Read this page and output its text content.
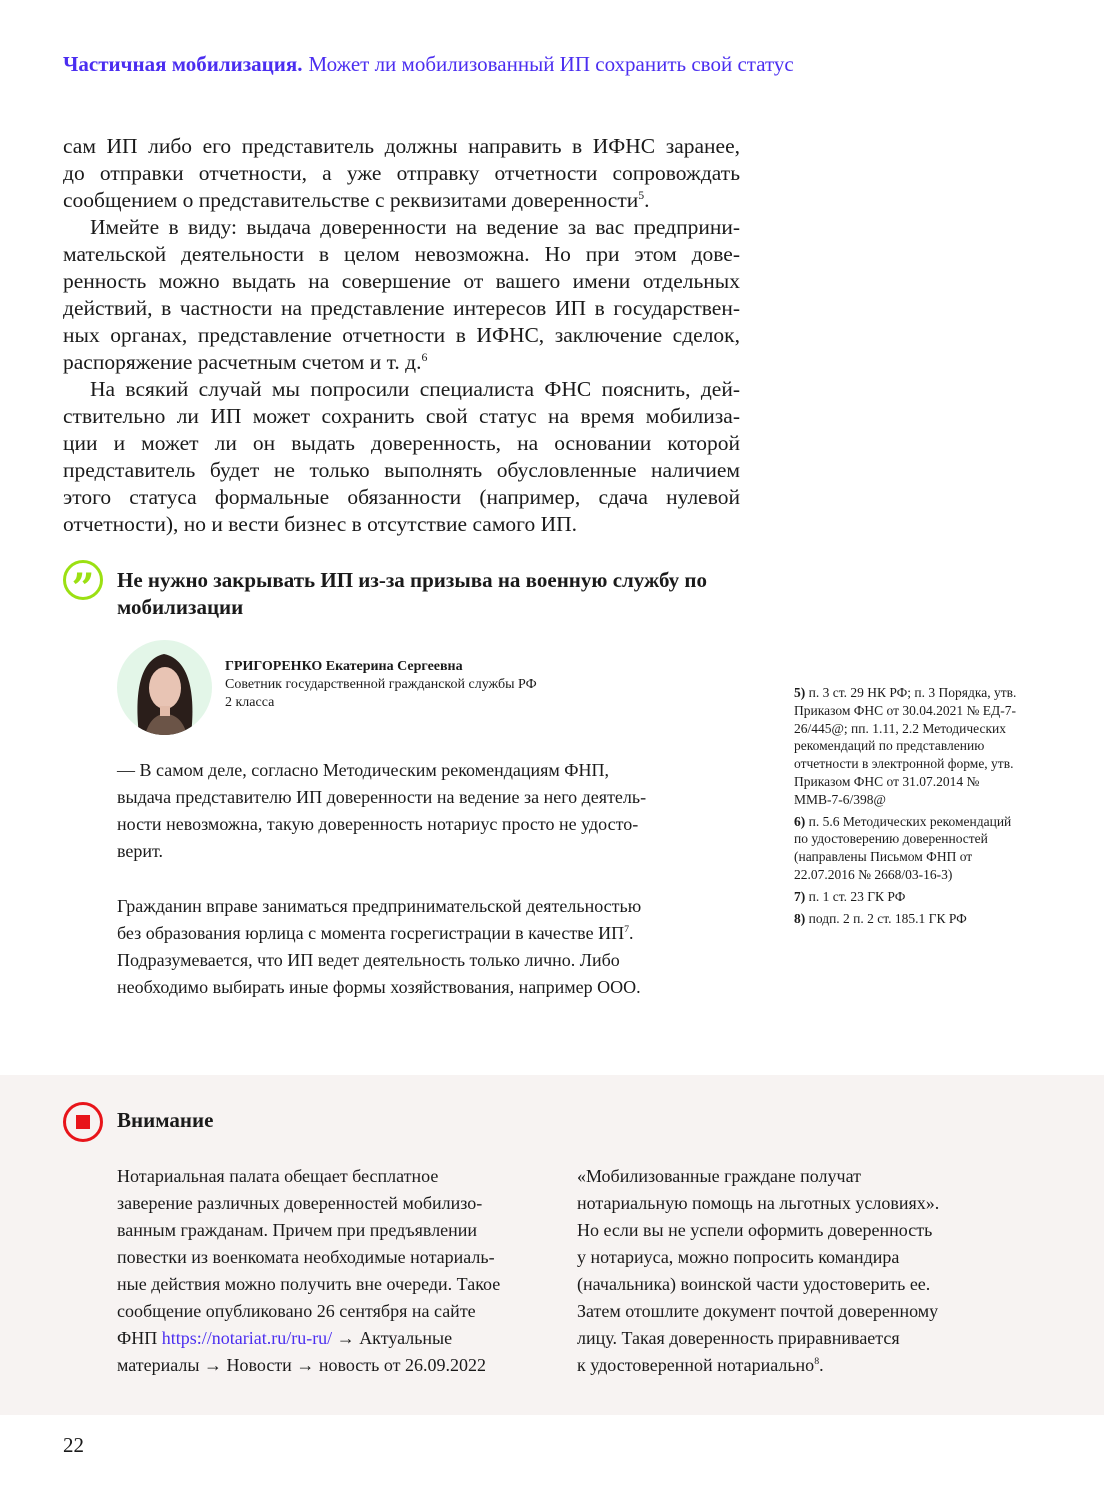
Частичная мобилизация. Может ли мобилизованный ИП сохранить свой статус
сам ИП либо его представитель должны направить в ИФНС заранее,
до отправки отчетности, а уже отправку отчетности сопровождать
сообщением о представительстве с реквизитами доверенности$^5$.
Имейте в виду: выдача доверенности на ведение за вас предприни-
мательской деятельности в целом невозможна. Но при этом дове-
ренность можно выдать на совершение от вашего имени отдельных
действий, в частности на представление интересов ИП в государствен-
ных органах, представление отчетности в ИФНС, заключение сделок,
распоряжение расчетным счетом и т. д.$^6$
На всякий случай мы попросили специалиста ФНС пояснить, дей-
ствительно ли ИП может сохранить свой статус на время мобилиза-
ции и может ли он выдать доверенность, на основании которой
представитель будет не только выполнять обусловленные наличием
этого статуса формальные обязанности (например, сдача нулевой
отчетности), но и вести бизнес в отсутствие самого ИП.
”	Не нужно закрывать ИП из-за призыва на военную службу по мобилизации
ГРИГОРЕНКО Екатерина Сергеевна
Советник государственной гражданской службы РФ
2 класса
— В самом деле, согласно Методическим рекомендациям ФНП,
выдача представителю ИП доверенности на ведение за него деятель-
ности невозможна, такую доверенность нотариус просто не удосто-
верит.
Гражданин вправе заниматься предпринимательской деятельностью
без образования юрлица с момента госрегистрации в качестве $ИП^7$.
Подразумевается, что ИП ведет деятельность только лично. Либо
необходимо выбирать иные формы хозяйствования, например ООО.
5) п. 3 ст. 29 НК РФ; п. 3 Порядка, утв. Приказом ФНС от 30.04.2021 № ЕД-7-26/445@; пп. 1.11, 2.2 Методических рекомендаций по представлению отчетности в электронной форме, утв. Приказом ФНС от 31.07.2014 № ММВ-7-6/398@
6) п. 5.6 Методических рекомендаций по удостоверению доверенностей (направлены Письмом ФНП от 22.07.2016 № 2668/03-16-3)
7) п. 1 ст. 23 ГК РФ
8) подп. 2 п. 2 ст. 185.1 ГК РФ
Внимание
Нотариальная палата обещает бесплатное
заверение различных доверенностей мобилизо-
ванным гражданам. Причем при предъявлении
повестки из военкомата необходимые нотариаль-
ные действия можно получить вне очереди. Такое
сообщение опубликовано 26 сентября на сайте
ФНП https://notariat.ru/ru-ru/ → Актуальные
материалы → Новости → новость от 26.09.2022
«Мобилизованные граждане получат
нотариальную помощь на льготных условиях».
Но если вы не успели оформить доверенность
у нотариуса, можно попросить командира
(начальника) воинской части удостоверить ее.
Затем отошлите документ почтой доверенному
лицу. Такая доверенность приравнивается
к удостоверенной нотариально$^8$.
22
